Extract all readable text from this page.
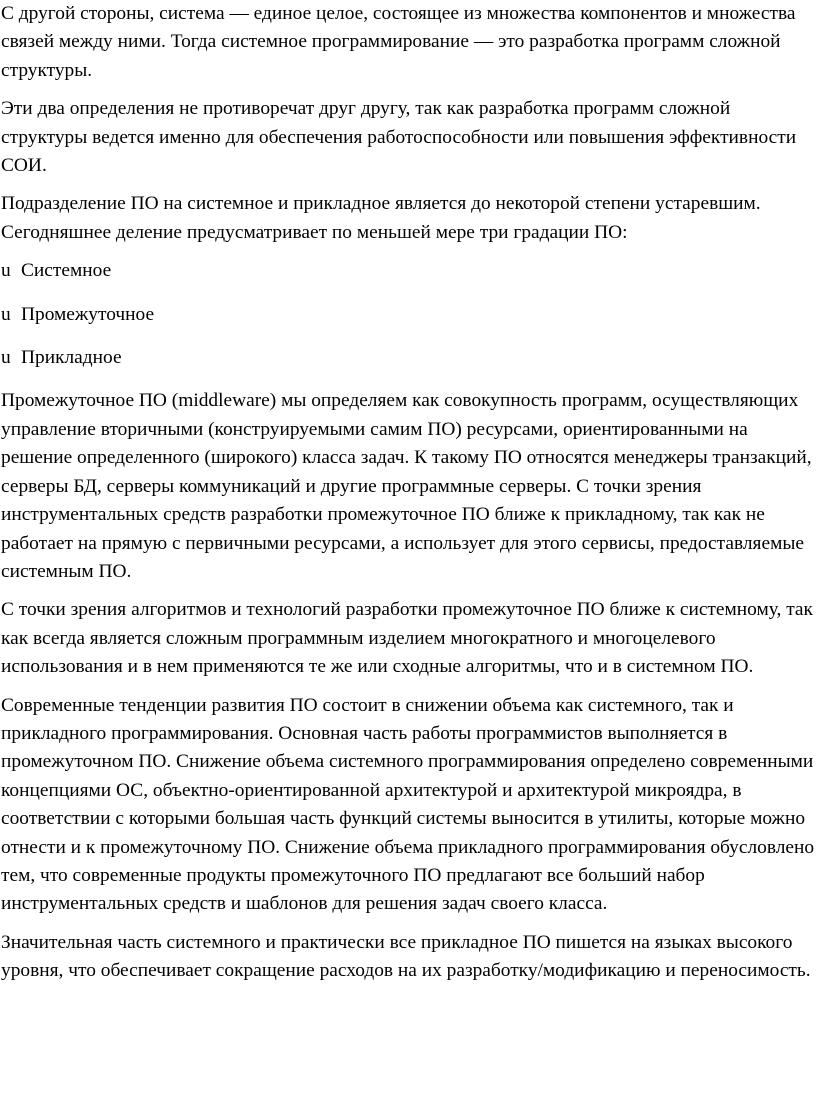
С другой стороны, система — единое целое, состоящее из множества компонентов и множества связей между ними. Тогда системное программирование — это разработка программ сложной структуры.

Эти два определения не противоречат друг другу, так как разработка программ сложной структуры ведется именно для обеспечения работоспособности или повышения эффективности СОИ.

Подразделение ПО на системное и прикладное является до некоторой степени устаревшим. Сегодняшнее деление предусматривает по меньшей мере три градации ПО:

u Системное
u Промежуточное
u Прикладное

Промежуточное ПО (middleware) мы определяем как совокупность программ, осуществляющих управление вторичными (конструируемыми самим ПО) ресурсами, ориентированными на решение определенного (широкого) класса задач. К такому ПО относятся менеджеры транзакций, серверы БД, серверы коммуникаций и другие программные серверы. С точки зрения инструментальных средств разработки промежуточное ПО ближе к прикладному, так как не работает на прямую с первичными ресурсами, а использует для этого сервисы, предоставляемые системным ПО.

С точки зрения алгоритмов и технологий разработки промежуточное ПО ближе к системному, так как всегда является сложным программным изделием многократного и многоцелевого использования и в нем применяются те же или сходные алгоритмы, что и в системном ПО.

Современные тенденции развития ПО состоит в снижении объема как системного, так и прикладного программирования. Основная часть работы программистов выполняется в промежуточном ПО. Снижение объема системного программирования определено современными концепциями ОС, объектно-ориентированной архитектурой и архитектурой микроядра, в соответствии с которыми большая часть функций системы выносится в утилиты, которые можно отнести и к промежуточному ПО. Снижение объема прикладного программирования обусловлено тем, что современные продукты промежуточного ПО предлагают все больший набор инструментальных средств и шаблонов для решения задач своего класса.

Значительная часть системного и практически все прикладное ПО пишется на языках высокого уровня, что обеспечивает сокращение расходов на их разработку/модификацию и переносимость.
